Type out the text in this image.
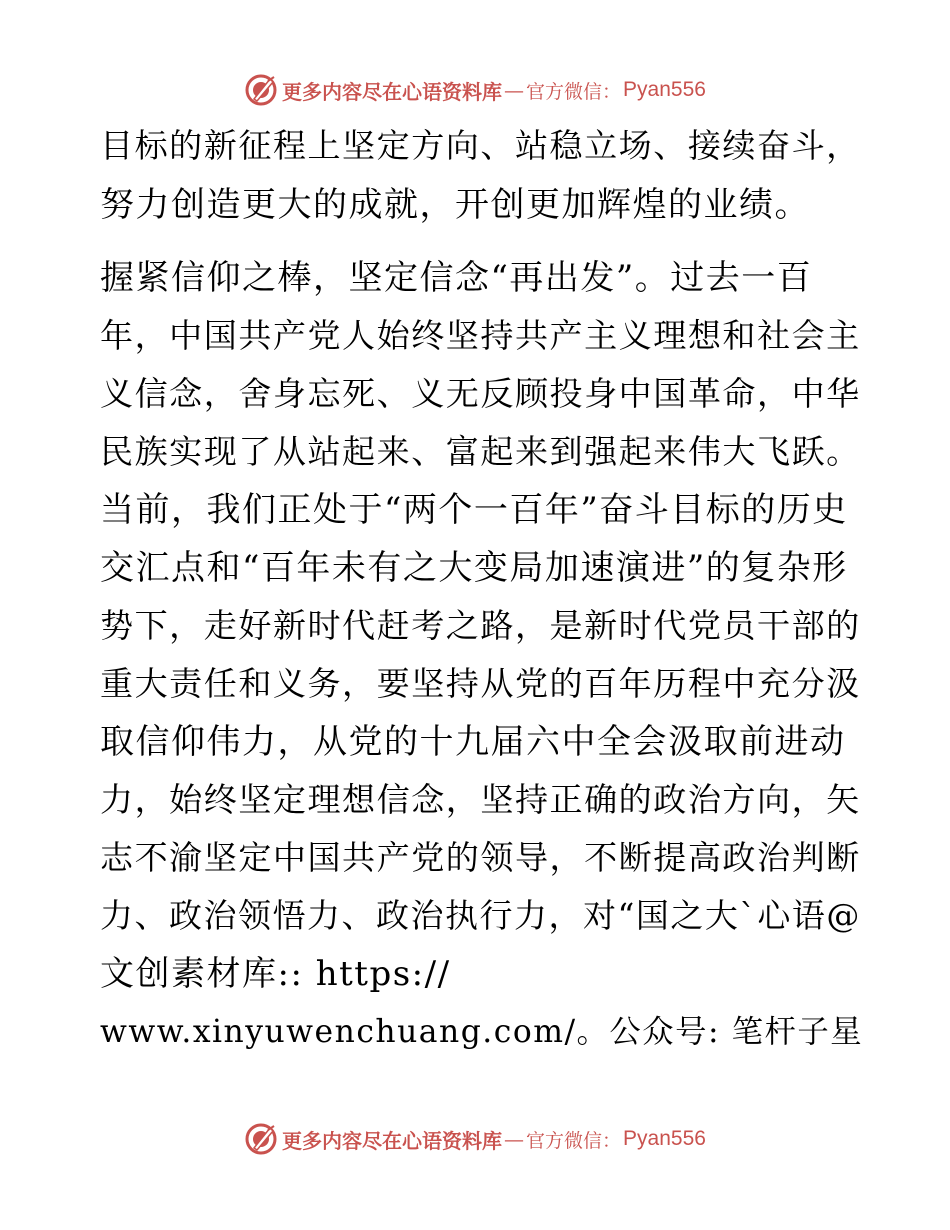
更多内容尽在心语资料库 — 官方微信： Pyan556
目标的新征程上坚定方向、站稳立场、接续奋斗，
努力创造更大的成就，开创更加辉煌的业绩。
握紧信仰之棒，坚定信念“再出发”。过去一百
年，中国共产党人始终坚持共产主义理想和社会主
义信念，舍身忘死、义无反顾投身中国革命，中华
民族实现了从站起来、富起来到强起来伟大飞跃。
当前，我们正处于“两个一百年”奋斗目标的历史
交汇点和“百年未有之大变局加速演进”的复杂形
势下，走好新时代赶考之路，是新时代党员干部的
重大责任和义务，要坚持从党的百年历程中充分汲
取信仰伟力，从党的十九届六中全会汲取前进动
力，始终坚定理想信念，坚持正确的政治方向，矢
志不渝坚定中国共产党的领导，不断提高政治判断
力、政治领悟力、政治执行力，对“国之大`心语@
文创素材库:: https://
www.xinyuwenchuang.com/。公众号: 笔杆子星
更多内容尽在心语资料库 — 官方微信： Pyan556
